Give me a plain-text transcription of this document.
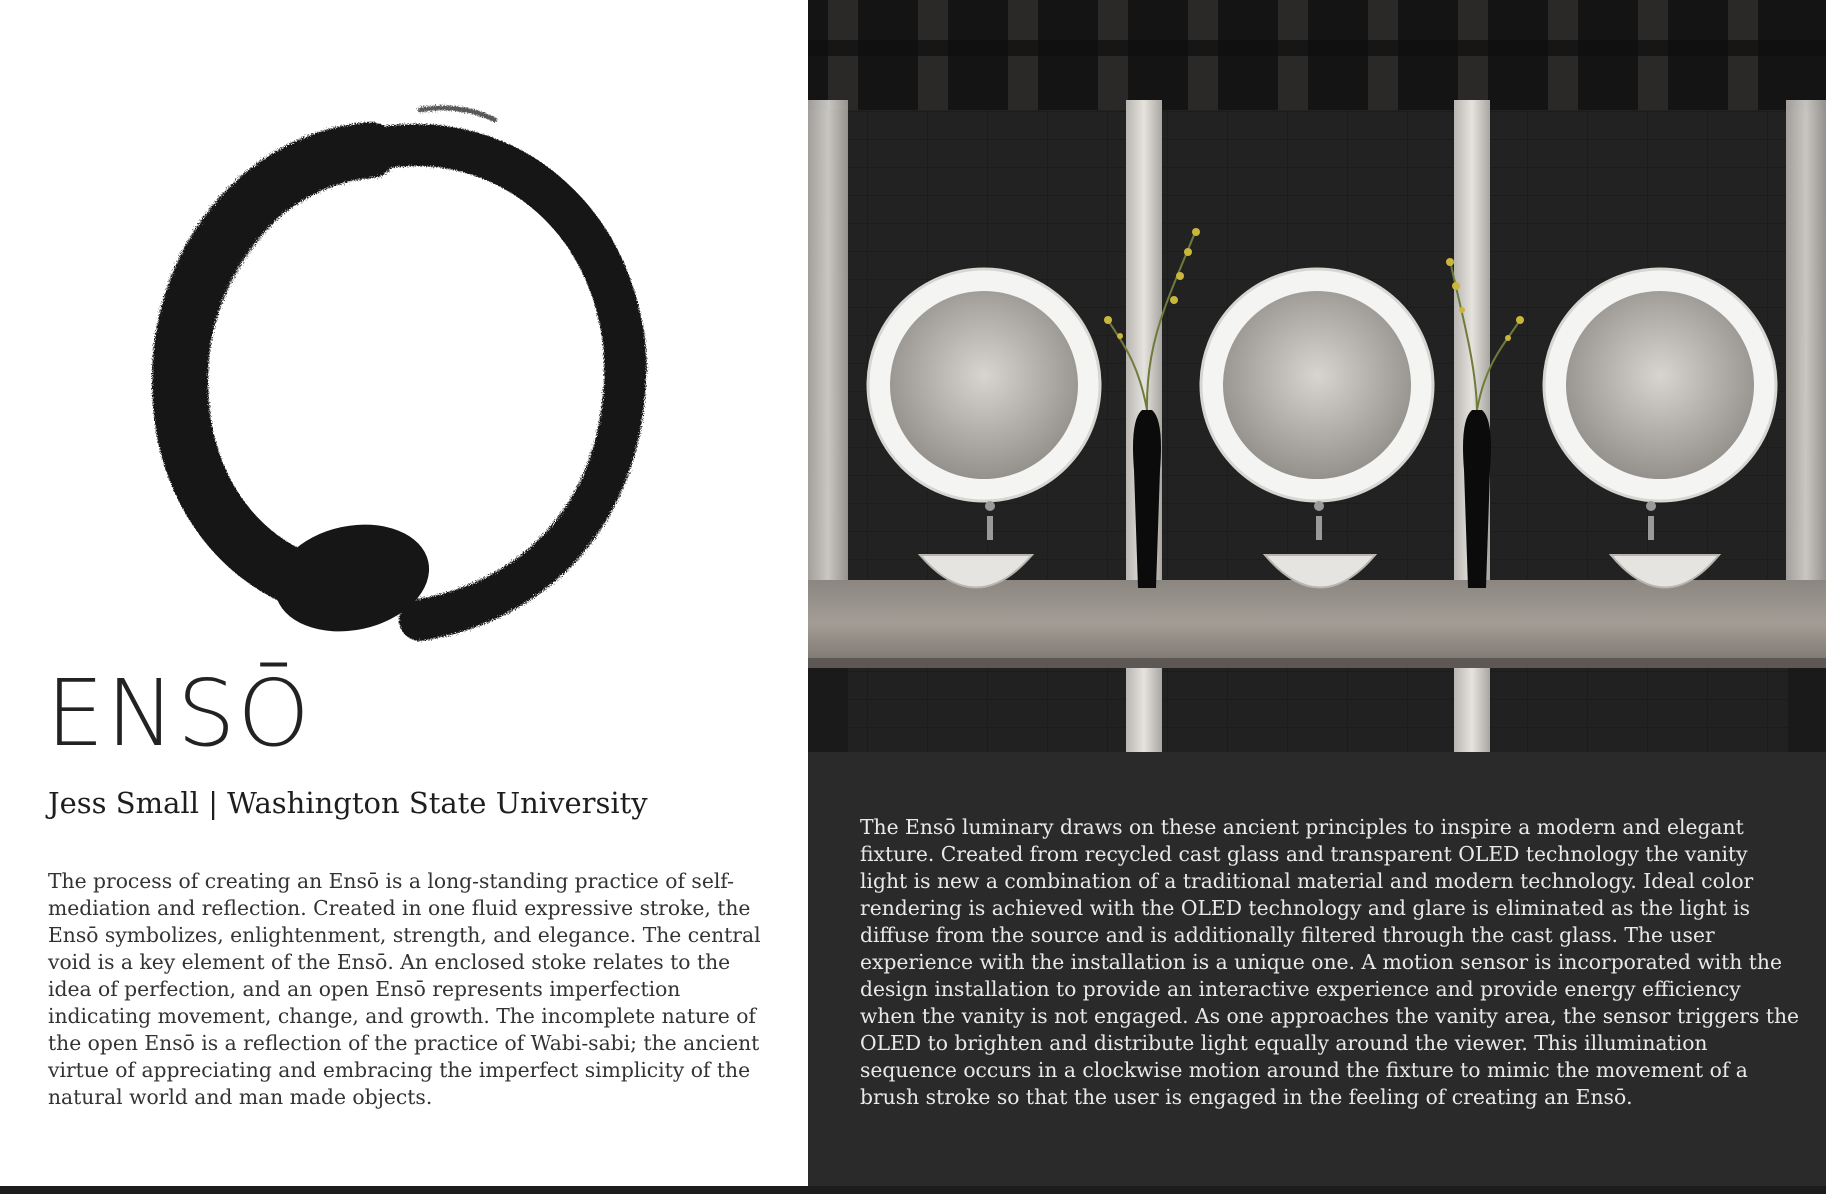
ENSŌ
Jess Small | Washington State University

The process of creating an Ensō is a long-standing practice of self-mediation and reflection. Created in one fluid expressive stroke, the Ensō symbolizes, enlightenment, strength, and elegance. The central void is a key element of the Ensō. An enclosed stoke relates to the idea of perfection, and an open Ensō represents imperfection indicating movement, change, and growth. The incomplete nature of the open Ensō is a reflection of the practice of Wabi-sabi; the ancient virtue of appreciating and embracing the imperfect simplicity of the natural world and man made objects.

The Ensō luminary draws on these ancient principles to inspire a modern and elegant fixture. Created from recycled cast glass and transparent OLED technology the vanity light is new a combination of a traditional material and modern technology. Ideal color rendering is achieved with the OLED technology and glare is eliminated as the light is diffuse from the source and is additionally filtered through the cast glass. The user experience with the installation is a unique one. A motion sensor is incorporated with the design installation to provide an interactive experience and provide energy efficiency when the vanity is not engaged. As one approaches the vanity area, the sensor triggers the OLED to brighten and distribute light equally around the viewer. This illumination sequence occurs in a clockwise motion around the fixture to mimic the movement of a brush stroke so that the user is engaged in the feeling of creating an Ensō.
